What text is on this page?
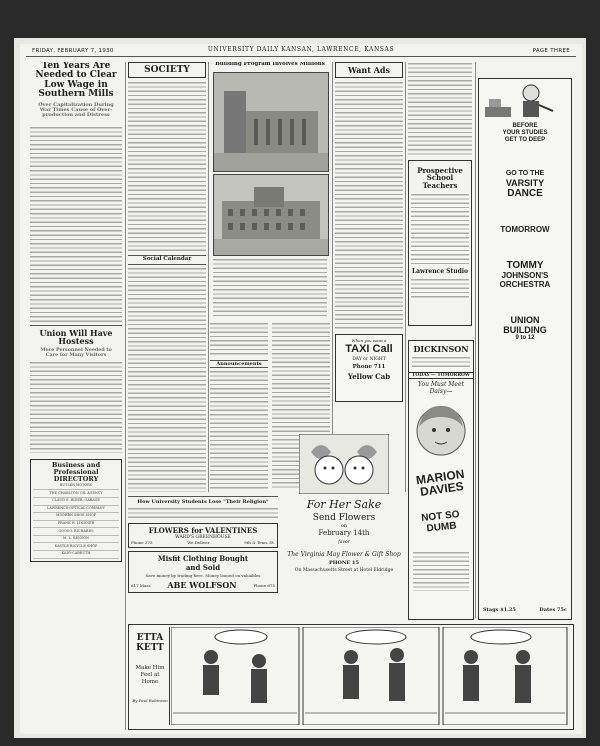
FRIDAY, FEBRUARY 7, 1930	UNIVERSITY DAILY KANSAN, LAWRENCE, KANSAS	PAGE THREE
Ten Years Are Needed to Clear Low Wage in Southern Mills
Over Capitalization During War Times Cause of Over-production and Distress
Union Will Have Hostess
More Personnel Needed to Care for Many Visitors
Business and Professional DIRECTORY
BUTLER MOTORS
THE CHARLTON OIL AGENCY
CLAUD E. RIDER, GARAGE
LAWRENCE OPTICAL COMPANY
MODERN SHOE SHOP
FRANK H. LINDNER
GOOD I. RICHARDS
M. L. BENSON
KASTLE BICYCLE SHOP
KADY-CARRUTH
SOCIETY
Social Calendar
Building Program Involves Millions
Announcements
Want Ads
When you want a
TAXI Call
DAY or NIGHT
Phone 711
Yellow Cab
Prospective School Teachers
Lawrence Studio
DICKINSON
TODAY — TOMORROW
You Must Meet Daisy—
MARION DAVIES
NOT SO DUMB
BEFORE
YOUR STUDIES
GET TO DEEP
GO TO THE
VARSITY
DANCE
TOMORROW
TOMMY
JOHNSON'S
ORCHESTRA
UNION
BUILDING
9 to 12
Stags $1.25	Dates 75c
For Her Sake
Send Flowers
on
February 14th
favor
The Virginia May Flower & Gift Shop
PHONE 15
On Massachusetts Street at Hotel Eldridge
How University Students Lose "Their Religion"
FLOWERS for VALENTINES
WARD'S GREENHOUSE
Phone 275	We Deliver	9th & Tenn. St.
Misfit Clothing Bought
and Sold
Save money by trading here. Money loaned on valuables
617 Mass ABE WOLFSON	Phone 675
ETTA KETT
Make Him Feel at Home
By Paul Robinson
